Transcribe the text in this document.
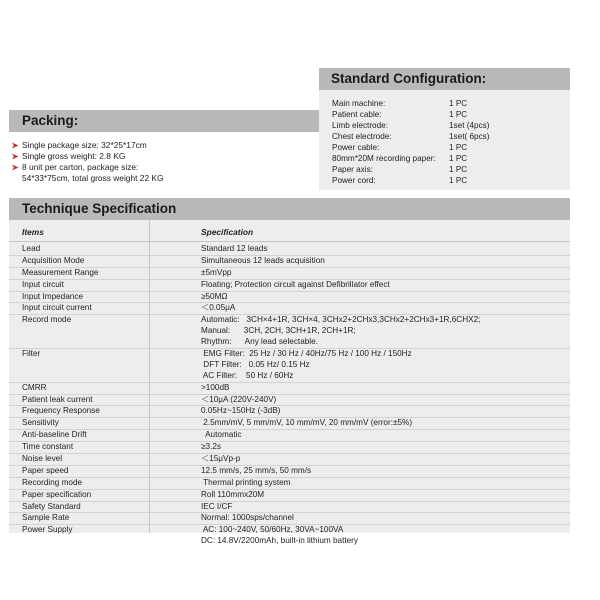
Standard Configuration:
Main machine:	1 PC
Patient cable:	1 PC
Limb electrode:	1set (4pcs)
Chest electrode:	1set( 6pcs)
Power cable:	1 PC
80mm*20M recording paper:	1 PC
Paper axis:	1 PC
Power cord:	1 PC
Packing:
Single package size: 32*25*17cm
Single gross weight: 2.8 KG
8 unit per carton, package size:
54*33*75cm, total gross weight 22 KG
Technique Specification
Items	Specification
Lead	Standard 12 leads
Acquisition Mode	Simultaneous 12 leads acquisition
Measurement Range	±5mVpp
Input circuit	Floating; Protection circuit against Defibrillator effect
Input Impedance	≥50MΩ
Input circuit current	＜0.05μA
Record mode	Automatic:   3CH×4+1R, 3CH×4, 3CHx2+2CHx3,3CHx2+2CHx3+1R,6CHX2;
Manual:      3CH, 2CH, 3CH+1R, 2CH+1R;
Rhythm:      Any lead selectable.
Filter	EMG Filter:  25 Hz / 30 Hz / 40Hz/75 Hz / 100 Hz / 150Hz
DFT Filter:   0.05 Hz/ 0.15 Hz
AC Filter:    50 Hz / 60Hz
CMRR	>100dB
Patient leak current	＜10μA (220V-240V)
Frequency Response	0.05Hz~150Hz (-3dB)
Sensitivity	2.5mm/mV, 5 mm/mV, 10 mm/mV, 20 mm/mV (error:±5%)
Anti-baseline Drift	Automatic
Time constant	≥3.2s
Noise level	＜15μVp-p
Paper speed	12.5 mm/s, 25 mm/s, 50 mm/s
Recording mode	Thermal printing system
Paper specification	Roll 110mmx20M
Safety Standard	IEC I/CF
Sample Rate	Normal: 1000sps/channel
Power Supply	AC: 100~240V, 50/60Hz, 30VA~100VA
DC: 14.8V/2200mAh, built-in lithium battery
